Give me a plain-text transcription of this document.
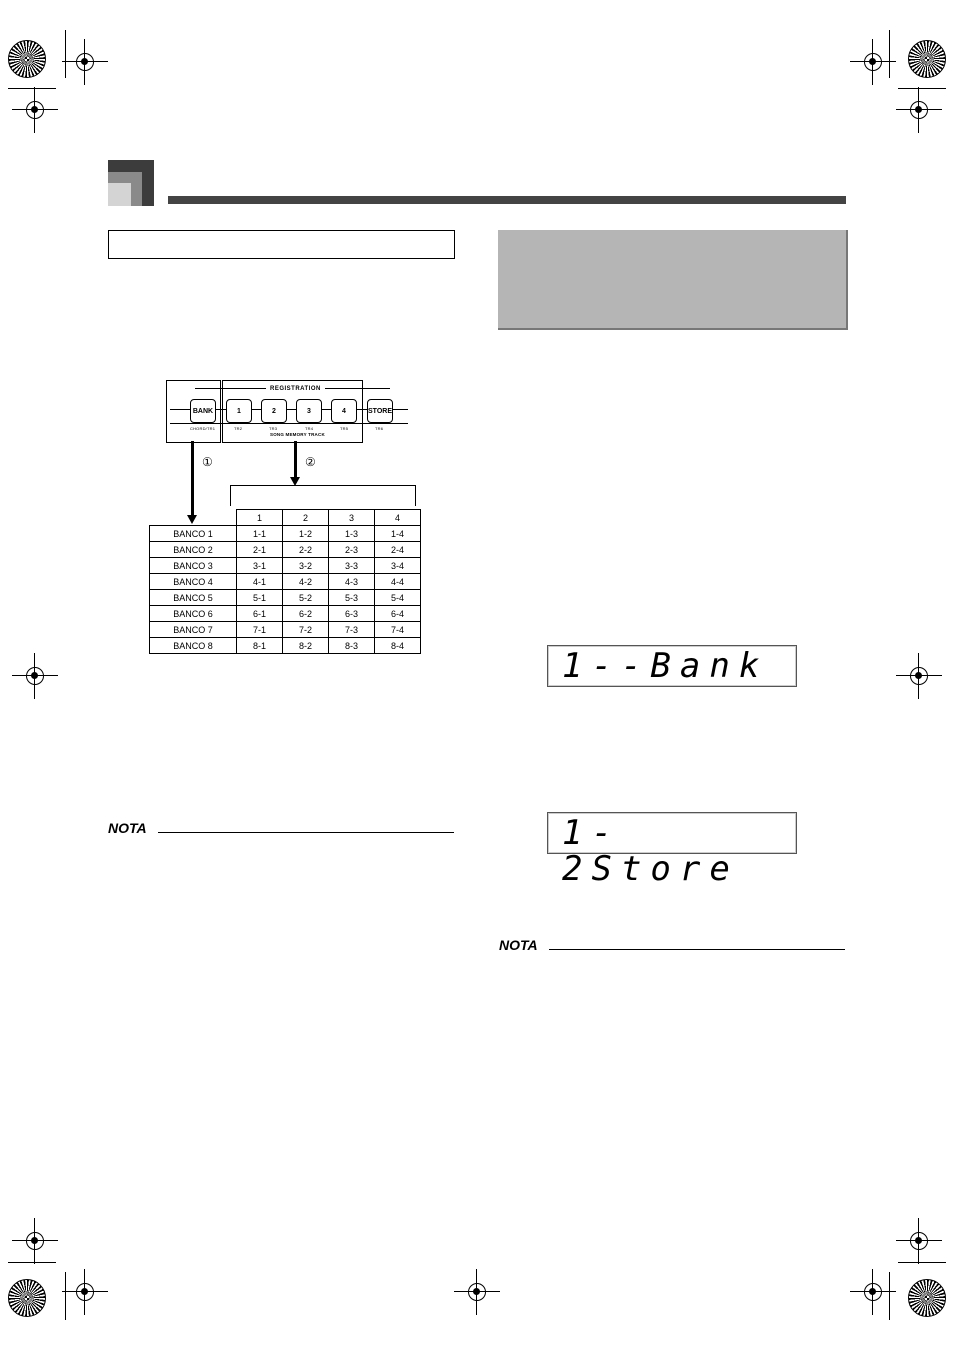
REGISTRATION
BANK	1	2	3	4	STORE
CHORD/TR1	TR2	TR3	TR4	TR5	TR6
SONG MEMORY TRACK
①	②
	1	2	3	4
BANCO 1	1-1	1-2	1-3	1-4
BANCO 2	2-1	2-2	2-3	2-4
BANCO 3	3-1	3-2	3-3	3-4
BANCO 4	4-1	4-2	4-3	4-4
BANCO 5	5-1	5-2	5-3	5-4
BANCO 6	6-1	6-2	6-3	6-4
BANCO 7	7-1	7-2	7-3	7-4
BANCO 8	8-1	8-2	8-3	8-4
1--Bank
1-2Store
NOTA
NOTA
